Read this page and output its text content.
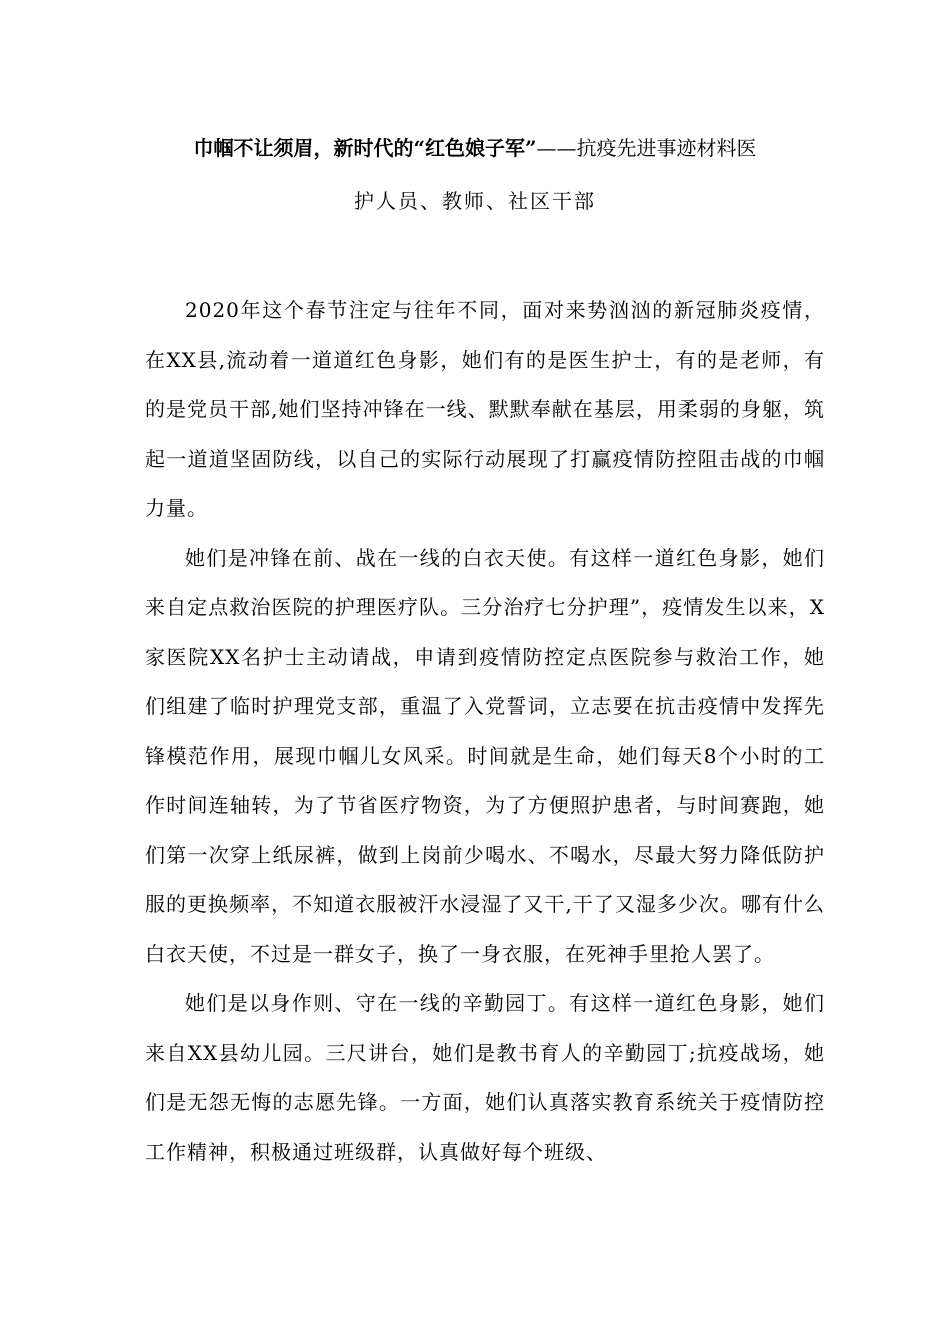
巾帼不让须眉，新时代的“红色娘子军”——抗疫先进事迹材料医
护人员、教师、社区干部

2020年这个春节注定与往年不同，面对来势汹汹的新冠肺炎疫情，在XX县,流动着一道道红色身影，她们有的是医生护士，有的是老师，有的是党员干部,她们坚持冲锋在一线、默默奉献在基层，用柔弱的身躯，筑起一道道坚固防线，以自己的实际行动展现了打赢疫情防控阻击战的巾帼力量。

她们是冲锋在前、战在一线的白衣天使。有这样一道红色身影，她们来自定点救治医院的护理医疗队。三分治疗七分护理”，疫情发生以来，X家医院XX名护士主动请战，申请到疫情防控定点医院参与救治工作，她们组建了临时护理党支部，重温了入党誓词，立志要在抗击疫情中发挥先锋模范作用，展现巾帼儿女风采。时间就是生命，她们每天8个小时的工作时间连轴转，为了节省医疗物资，为了方便照护患者，与时间赛跑，她们第一次穿上纸尿裤，做到上岗前少喝水、不喝水，尽最大努力降低防护服的更换频率，不知道衣服被汗水浸湿了又干,干了又湿多少次。哪有什么白衣天使，不过是一群女子，换了一身衣服，在死神手里抢人罢了。

她们是以身作则、守在一线的辛勤园丁。有这样一道红色身影，她们来自XX县幼儿园。三尺讲台，她们是教书育人的辛勤园丁;抗疫战场，她们是无怨无悔的志愿先锋。一方面，她们认真落实教育系统关于疫情防控工作精神，积极通过班级群，认真做好每个班级、
